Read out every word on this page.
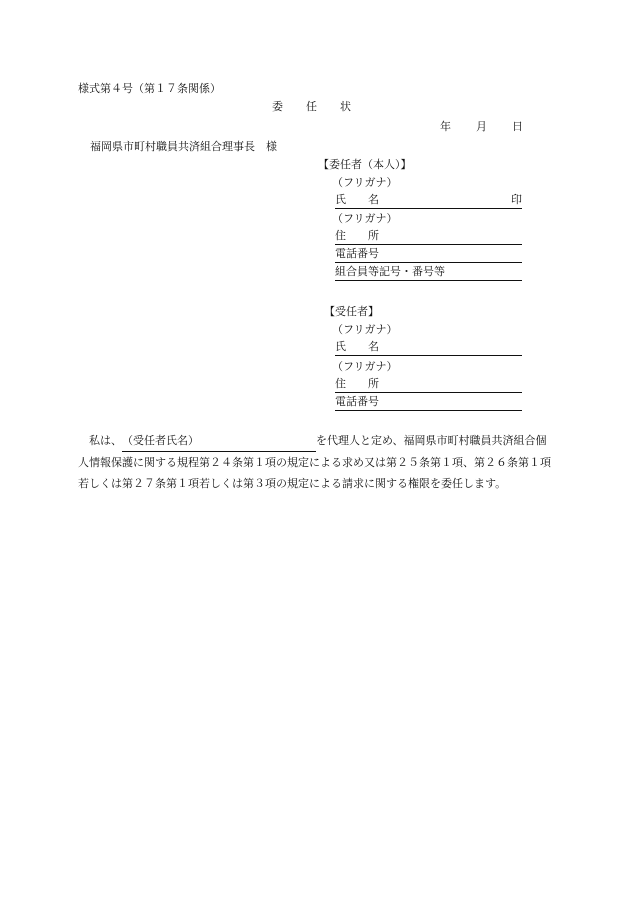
様式第４号（第１７条関係）
委　任　状
年 月 日
福岡県市町村職員共済組合理事長　様
【委任者（本人）】
（フリガナ）
氏　　名	印
（フリガナ）
住　　所
電話番号
組合員等記号・番号等
【受任者】
（フリガナ）
氏　　名
（フリガナ）
住　　所
電話番号
　私は、（受任者氏名）	を代理人と定め、福岡県市町村職員共済組合個人情報保護に関する規程第２４条第１項の規定による求め又は第２５条第１項、第２６条第１項若しくは第２７条第１項若しくは第３項の規定による請求に関する権限を委任します。
